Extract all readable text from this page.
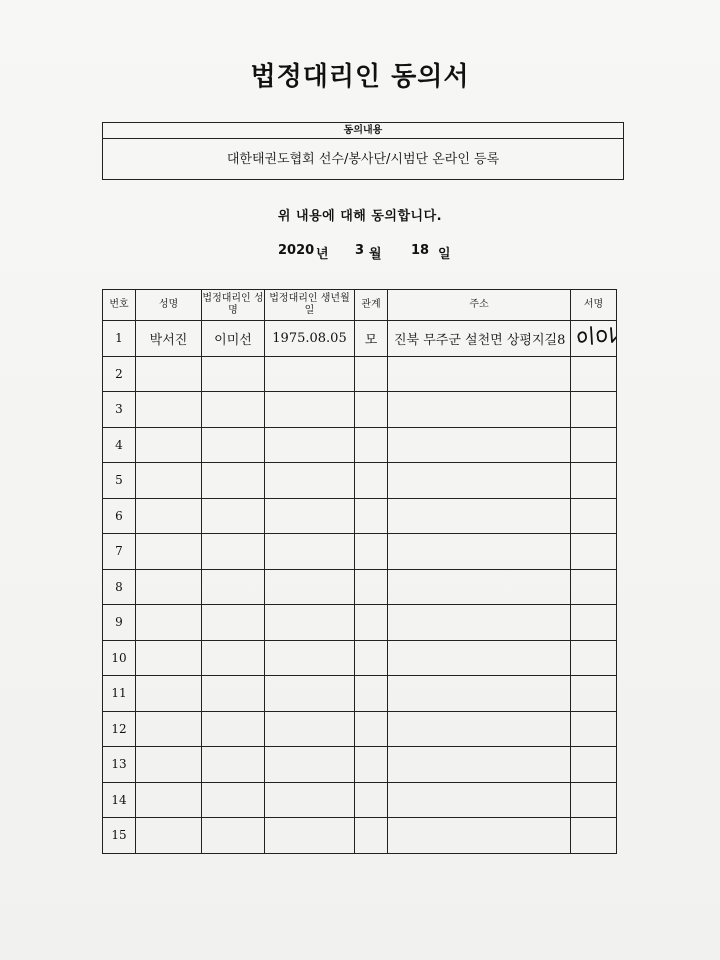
법정대리인 동의서
동의내용
대한태권도협회 선수/봉사단/시범단 온라인 등록
위 내용에 대해 동의합니다.
2020 년 3 월 18 일
번호	성명	법정대리인 성명	법정대리인 생년월일	관계	주소	서명
1	박서진	이미선	1975.08.05	모	진북 무주군 설천면 상평지길8	

2						
3						
4						
5						
6						
7						
8						
9						
10						
11						
12						
13						
14						
15						
